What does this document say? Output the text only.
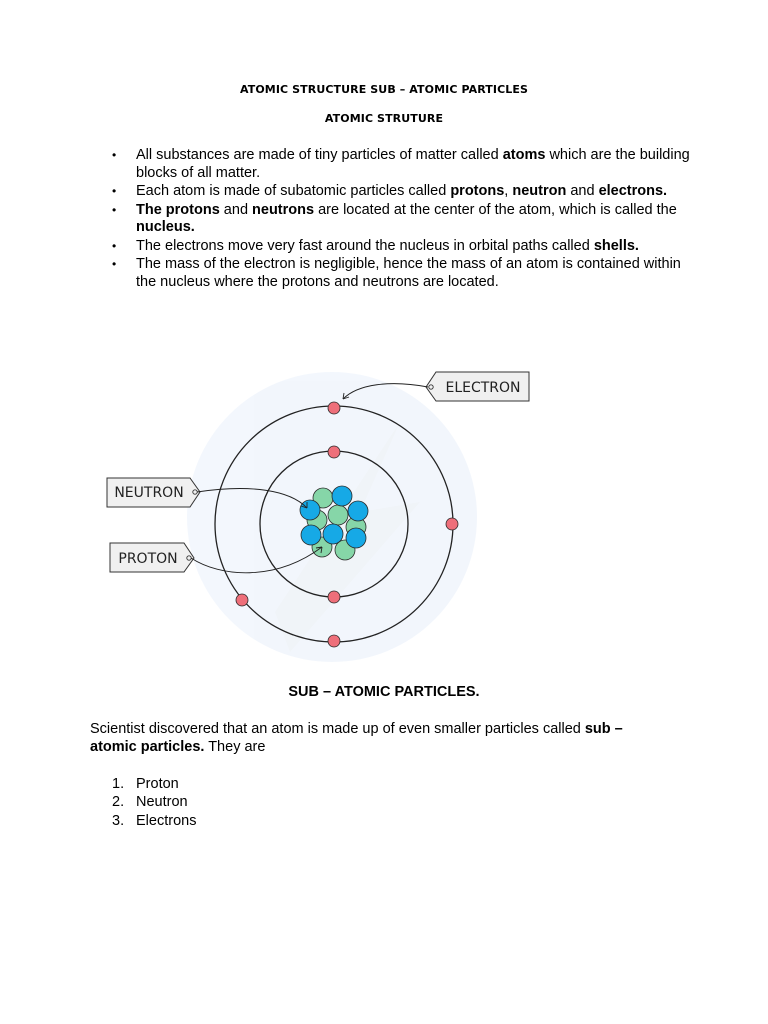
ATOMIC STRUCTURE SUB – ATOMIC PARTICLES
ATOMIC STRUTURE
• All substances are made of tiny particles of matter called atoms which are the building blocks of all matter.
• Each atom is made of subatomic particles called protons, neutron and electrons.
• The protons and neutrons are located at the center of the atom, which is called the nucleus.
• The electrons move very fast around the nucleus in orbital paths called shells.
• The mass of the electron is negligible, hence the mass of an atom is contained within the nucleus where the protons and neutrons are located.
ELECTRON
NEUTRON
PROTON
SUB – ATOMIC PARTICLES.

Scientist discovered that an atom is made up of even smaller particles called sub – atomic particles. They are

1. Proton
2. Neutron
3. Electrons
